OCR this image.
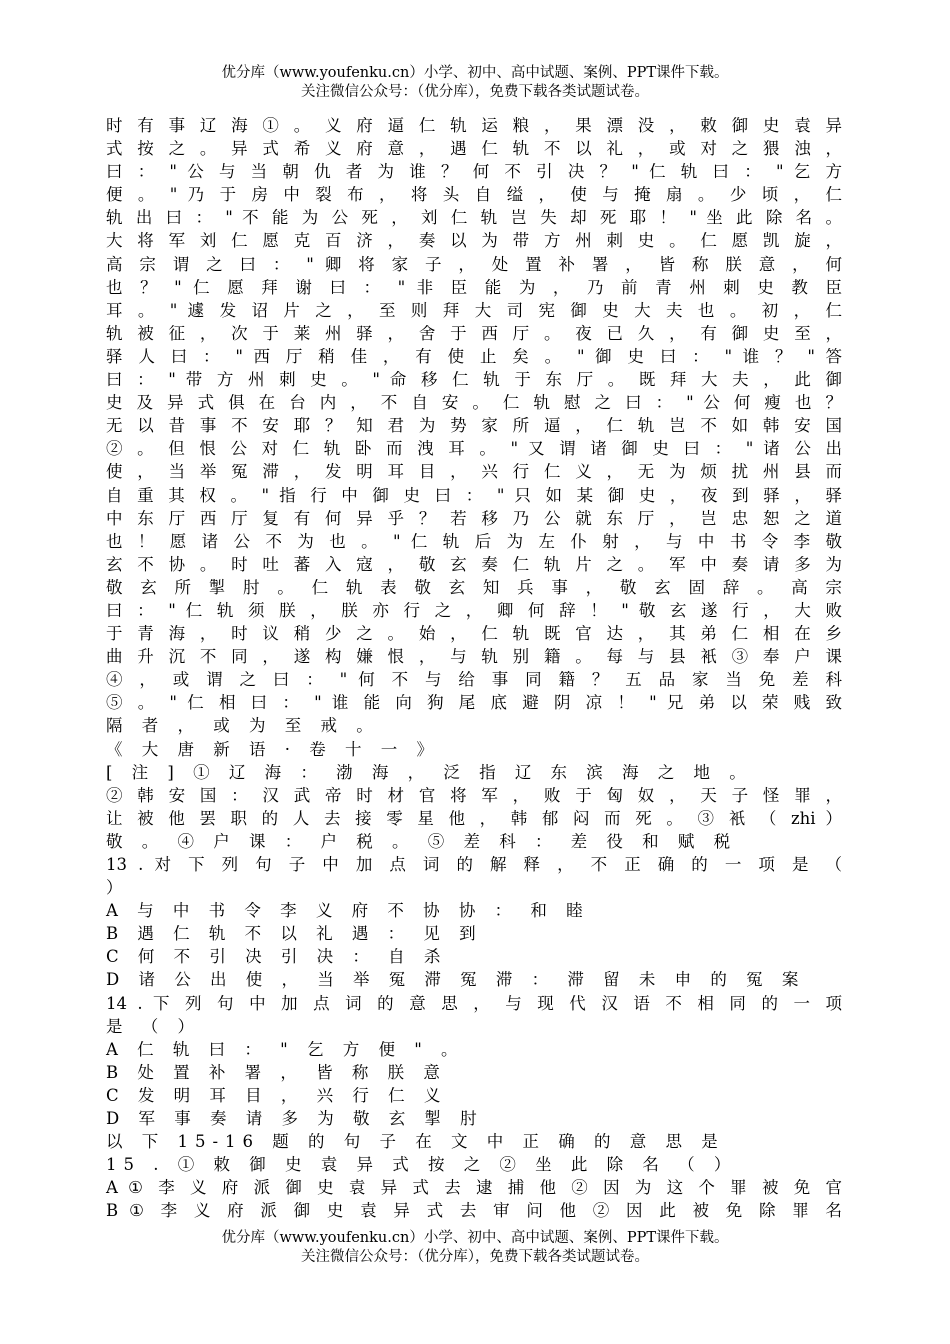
优分库（www.youfenku.cn）小学、初中、高中试题、案例、PPT课件下载。
关注微信公众号：（优分库），免费下载各类试题试卷。
时 有 事 辽 海 ① 。 义 府 逼 仁 轨 运 粮 ， 果 漂 没 ， 敕 御 史 袁 异
式 按 之 。 异 式 希 义 府 意 ， 遇 仁 轨 不 以 礼 ， 或 对 之 猥 浊 ，
曰 ： " 公 与 当 朝 仇 者 为 谁 ？ 何 不 引 决 ？ " 仁 轨 曰 ： " 乞 方
便 。 " 乃 于 房 中 裂 布 ， 将 头 自 缢 ， 使 与 掩 扇 。 少 顷 ， 仁
轨 出 曰 ： " 不 能 为 公 死 ， 刘 仁 轨 岂 失 却 死 耶 ！ " 坐 此 除 名 。
大 将 军 刘 仁 愿 克 百 济 ， 奏 以 为 带 方 州 刺 史 。 仁 愿 凯 旋 ，
高 宗 谓 之 曰 ： " 卿 将 家 子 ， 处 置 补 署 ， 皆 称 朕 意 ， 何
也 ？ " 仁 愿 拜 谢 曰 ： " 非 臣 能 为 ， 乃 前 青 州 刺 史 教 臣
耳 。 " 遽 发 诏 片 之 ， 至 则 拜 大 司 宪 御 史 大 夫 也 。 初 ， 仁
轨 被 征 ， 次 于 莱 州 驿 ， 舍 于 西 厅 。 夜 已 久 ， 有 御 史 至 ，
驿 人 曰 ： " 西 厅 稍 佳 ， 有 使 止 矣 。 " 御 史 曰 ： " 谁 ？ " 答
曰 ： " 带 方 州 刺 史 。 " 命 移 仁 轨 于 东 厅 。 既 拜 大 夫 ， 此 御
史 及 异 式 俱 在 台 内 ， 不 自 安 。 仁 轨 慰 之 曰 ： " 公 何 瘦 也 ？
无 以 昔 事 不 安 耶 ？ 知 君 为 势 家 所 逼 ， 仁 轨 岂 不 如 韩 安 国
② 。 但 恨 公 对 仁 轨 卧 而 洩 耳 。 " 又 谓 诸 御 史 曰 ： " 诸 公 出
使 ， 当 举 冤 滞 ， 发 明 耳 目 ， 兴 行 仁 义 ， 无 为 烦 扰 州 县 而
自 重 其 权 。 " 指 行 中 御 史 曰 ： " 只 如 某 御 史 ， 夜 到 驿 ， 驿
中 东 厅 西 厅 复 有 何 异 乎 ？ 若 移 乃 公 就 东 厅 ， 岂 忠 恕 之 道
也 ！ 愿 诸 公 不 为 也 。 " 仁 轨 后 为 左 仆 射 ， 与 中 书 令 李 敬
玄 不 协 。 时 吐 蕃 入 寇 ， 敬 玄 奏 仁 轨 片 之 。 军 中 奏 请 多 为
敬 玄 所 掣 肘 。 仁 轨 表 敬 玄 知 兵 事 ， 敬 玄 固 辞 。 高 宗
曰 ： " 仁 轨 须 朕 ， 朕 亦 行 之 ， 卿 何 辞 ！ " 敬 玄 遂 行 ， 大 败
于 青 海 ， 时 议 稍 少 之 。 始 ， 仁 轨 既 官 达 ， 其 弟 仁 相 在 乡
曲 升 沉 不 同 ， 遂 构 嫌 恨 ， 与 轨 别 籍 。 每 与 县 衹 ③ 奉 户 课
④ ， 或 谓 之 曰 ： " 何 不 与 给 事 同 籍 ？ 五 品 家 当 免 差 科
⑤ 。 " 仁 相 曰 ： " 谁 能 向 狗 尾 底 避 阴 凉 ！ " 兄 弟 以 荣 贱 致
隔 者 ， 或 为 至 戒 。
《 大 唐 新 语 · 卷 十 一 》
[ 注 ] ① 辽 海 ： 渤 海 ， 泛 指 辽 东 滨 海 之 地 。
② 韩 安 国 ： 汉 武 帝 时 材 官 将 军 ， 败 于 匈 奴 ， 天 子 怪 罪 ，
让 被 他 罢 职 的 人 去 接 零 星 他 ， 韩 郁 闷 而 死 。 ③ 衹 （ zhi ）
敬 。 ④ 户 课 ： 户 税 。 ⑤ 差 科 ： 差 役 和 赋 税
13 . 对 下 列 句 子 中 加 点 词 的 解 释 ， 不 正 确 的 一 项 是 （
）
A 与 中 书 令 李 义 府 不 协 协 ： 和 睦
B 遇 仁 轨 不 以 礼 遇 ： 见 到
C 何 不 引 决 引 决 ： 自 杀
D 诸 公 出 使 ， 当 举 冤 滞 冤 滞 ： 滞 留 未 申 的 冤 案
14 . 下 列 句 中 加 点 词 的 意 思 ， 与 现 代 汉 语 不 相 同 的 一 项
是 （ ）
A 仁 轨 曰 ： " 乞 方 便 " 。
B 处 置 补 署 ， 皆 称 朕 意
C 发 明 耳 目 ， 兴 行 仁 义
D 军 事 奏 请 多 为 敬 玄 掣 肘
以 下 15-16 题 的 句 子 在 文 中 正 确 的 意 思 是
15 . ① 敕 御 史 袁 异 式 按 之 ② 坐 此 除 名 （ ）
A ① 李 义 府 派 御 史 袁 异 式 去 逮 捕 他 ② 因 为 这 个 罪 被 免 官
B ① 李 义 府 派 御 史 袁 异 式 去 审 问 他 ② 因 此 被 免 除 罪 名
优分库（www.youfenku.cn）小学、初中、高中试题、案例、PPT课件下载。
关注微信公众号：（优分库），免费下载各类试题试卷。
